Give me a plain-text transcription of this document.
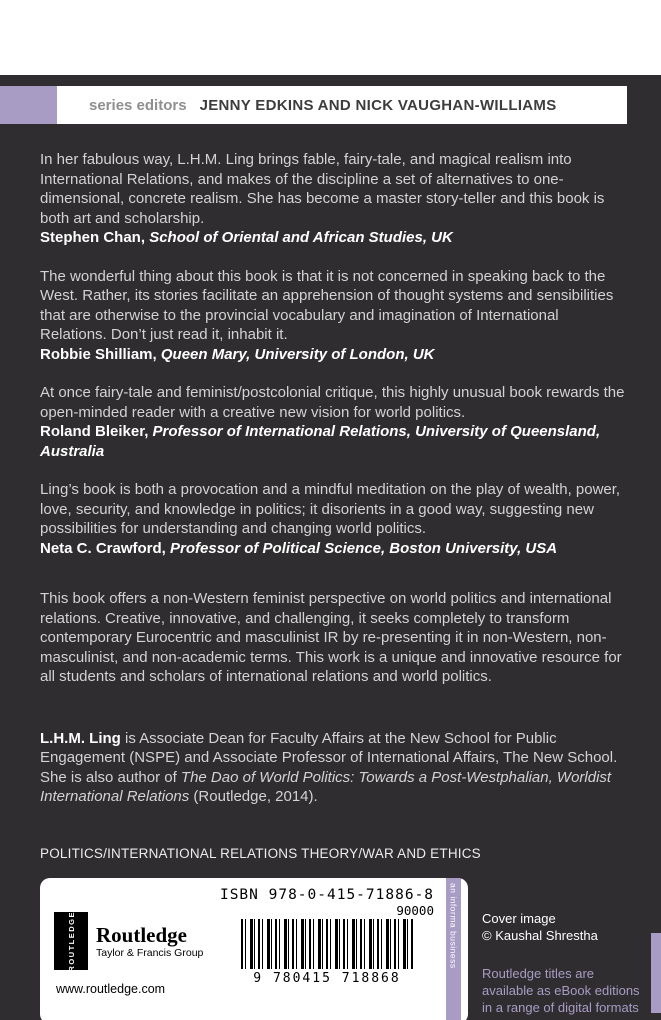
series editors JENNY EDKINS AND NICK VAUGHAN-WILLIAMS

In her fabulous way, L.H.M. Ling brings fable, fairy-tale, and magical realism into International Relations, and makes of the discipline a set of alternatives to one-dimensional, concrete realism. She has become a master story-teller and this book is both art and scholarship.
Stephen Chan, School of Oriental and African Studies, UK

The wonderful thing about this book is that it is not concerned in speaking back to the West. Rather, its stories facilitate an apprehension of thought systems and sensibilities that are otherwise to the provincial vocabulary and imagination of International Relations. Don’t just read it, inhabit it.
Robbie Shilliam, Queen Mary, University of London, UK

At once fairy-tale and feminist/postcolonial critique, this highly unusual book rewards the open-minded reader with a creative new vision for world politics.
Roland Bleiker, Professor of International Relations, University of Queensland, Australia

Ling’s book is both a provocation and a mindful meditation on the play of wealth, power, love, security, and knowledge in politics; it disorients in a good way, suggesting new possibilities for understanding and changing world politics.
Neta C. Crawford, Professor of Political Science, Boston University, USA

This book offers a non-Western feminist perspective on world politics and international relations. Creative, innovative, and challenging, it seeks completely to transform contemporary Eurocentric and masculinist IR by re-presenting it in non-Western, non-masculinist, and non-academic terms. This work is a unique and innovative resource for all students and scholars of international relations and world politics.

L.H.M. Ling is Associate Dean for Faculty Affairs at the New School for Public Engagement (NSPE) and Associate Professor of International Affairs, The New School. She is also author of The Dao of World Politics: Towards a Post-Westphalian, Worldist International Relations (Routledge, 2014).

POLITICS/INTERNATIONAL RELATIONS THEORY/WAR AND ETHICS

ROUTLEDGE Routledge
Taylor & Francis Group
www.routledge.com
ISBN 978-0-415-71886-8
90000
9 780415 718868
an informa business Cover image
© Kaushal Shrestha
Routledge titles are available as eBook editions in a range of digital formats
